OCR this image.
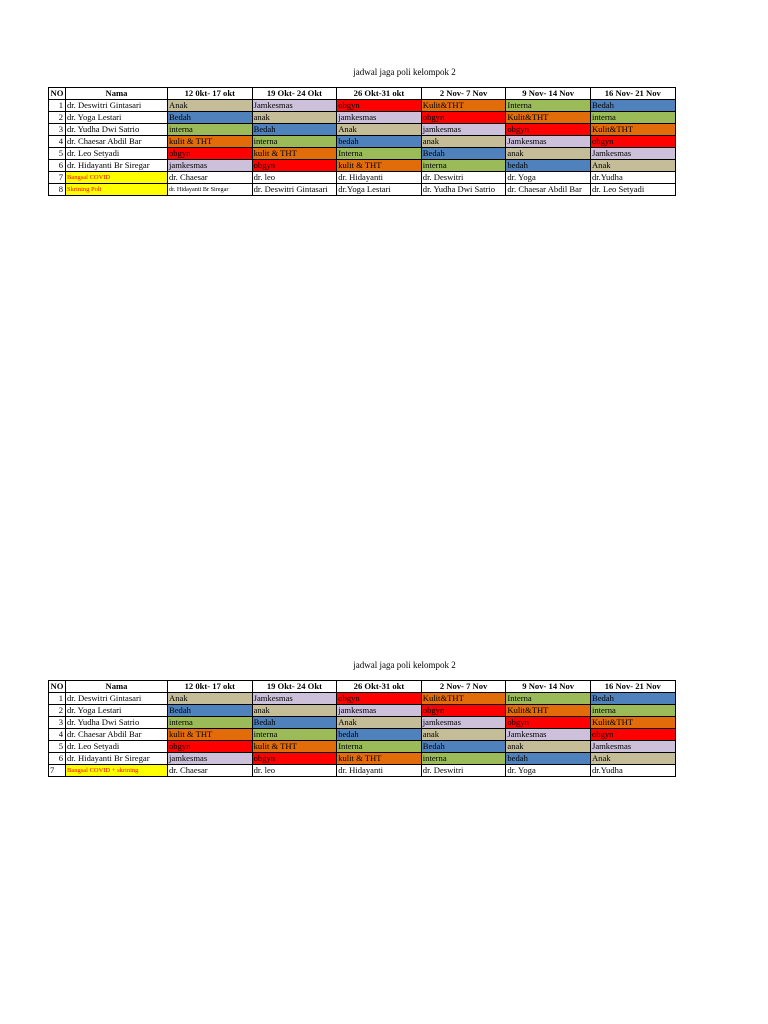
jadwal jaga poli kelompok 2
NO	Nama	12 0kt- 17 okt	19 Okt- 24 Okt	26 Okt-31 okt	2 Nov- 7 Nov	9 Nov- 14 Nov	16 Nov- 21 Nov
1	dr. Deswitri Gintasari	Anak	Jamkesmas	obgyn	Kulit&THT	Interna	Bedah
2	dr. Yoga Lestari	Bedah	anak	jamkesmas	obgyn	Kulit&THT	interna
3	dr. Yudha Dwi Satrio	interna	Bedah	Anak	jamkesmas	obgyn	Kulit&THT
4	dr. Chaesar Abdil Bar	kulit & THT	interna	bedah	anak	Jamkesmas	obgyn
5	dr. Leo Setyadi	obgyn	kulit & THT	Interna	Bedah	anak	Jamkesmas
6	dr. Hidayanti Br Siregar	jamkesmas	obgyn	kulit & THT	interna	bedah	Anak
7	Bangsal COVID	dr. Chaesar	dr. leo	dr. Hidayanti	dr. Deswitri	dr. Yoga	dr.Yudha
8	Skrining Poli	dr. Hidayanti Br Siregar	dr. Deswitri Gintasari	dr.Yoga Lestari	dr. Yudha Dwi Satrio	dr. Chaesar Abdil Bar	dr. Leo Setyadi
jadwal jaga poli kelompok 2
NO	Nama	12 0kt- 17 okt	19 Okt- 24 Okt	26 Okt-31 okt	2 Nov- 7 Nov	9 Nov- 14 Nov	16 Nov- 21 Nov
1	dr. Deswitri Gintasari	Anak	Jamkesmas	obgyn	Kulit&THT	Interna	Bedah
2	dr. Yoga Lestari	Bedah	anak	jamkesmas	obgyn	Kulit&THT	interna
3	dr. Yudha Dwi Satrio	interna	Bedah	Anak	jamkesmas	obgyn	Kulit&THT
4	dr. Chaesar Abdil Bar	kulit & THT	interna	bedah	anak	Jamkesmas	obgyn
5	dr. Leo Setyadi	obgyn	kulit & THT	Interna	Bedah	anak	Jamkesmas
6	dr. Hidayanti Br Siregar	jamkesmas	obgyn	kulit & THT	interna	bedah	Anak
7	Bangsal COVID + skrining	dr. Chaesar	dr. leo	dr. Hidayanti	dr. Deswitri	dr. Yoga	dr.Yudha
